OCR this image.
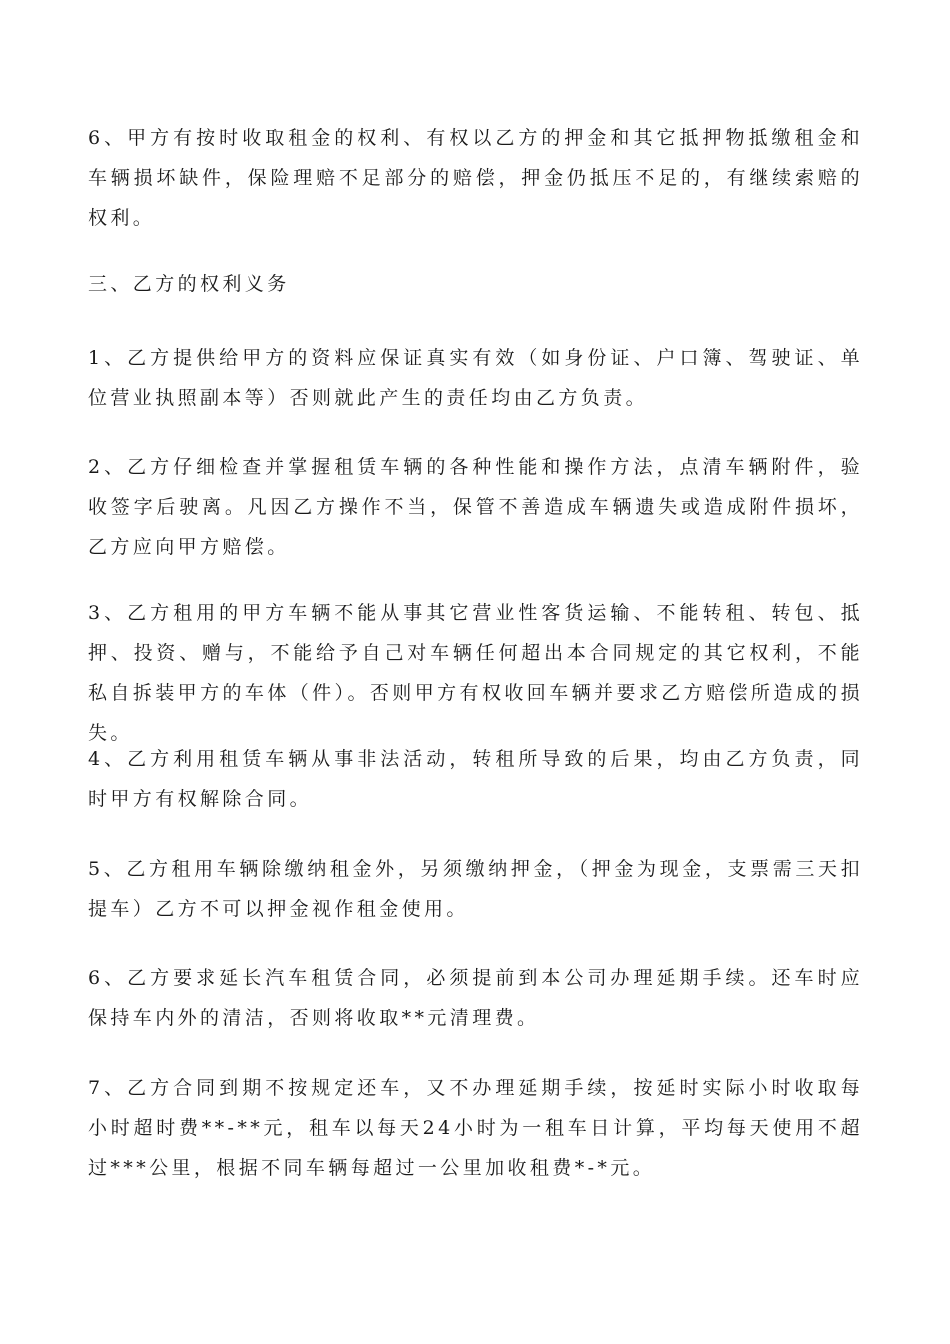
6、甲方有按时收取租金的权利、有权以乙方的押金和其它抵押物抵缴租金和车辆损坏缺件，保险理赔不足部分的赔偿，押金仍抵压不足的，有继续索赔的权利。

三、乙方的权利义务

1、乙方提供给甲方的资料应保证真实有效（如身份证、户口簿、驾驶证、单位营业执照副本等）否则就此产生的责任均由乙方负责。

2、乙方仔细检查并掌握租赁车辆的各种性能和操作方法，点清车辆附件，验收签字后驶离。凡因乙方操作不当，保管不善造成车辆遗失或造成附件损坏，乙方应向甲方赔偿。

3、乙方租用的甲方车辆不能从事其它营业性客货运输、不能转租、转包、抵押、投资、赠与，不能给予自己对车辆任何超出本合同规定的其它权利，不能私自拆装甲方的车体（件）。否则甲方有权收回车辆并要求乙方赔偿所造成的损失。

4、乙方利用租赁车辆从事非法活动，转租所导致的后果，均由乙方负责，同时甲方有权解除合同。

5、乙方租用车辆除缴纳租金外，另须缴纳押金，（押金为现金，支票需三天扣提车）乙方不可以押金视作租金使用。

6、乙方要求延长汽车租赁合同，必须提前到本公司办理延期手续。还车时应保持车内外的清洁，否则将收取**元清理费。

7、乙方合同到期不按规定还车，又不办理延期手续，按延时实际小时收取每小时超时费**-**元，租车以每天24小时为一租车日计算，平均每天使用不超过***公里，根据不同车辆每超过一公里加收租费*-*元。
